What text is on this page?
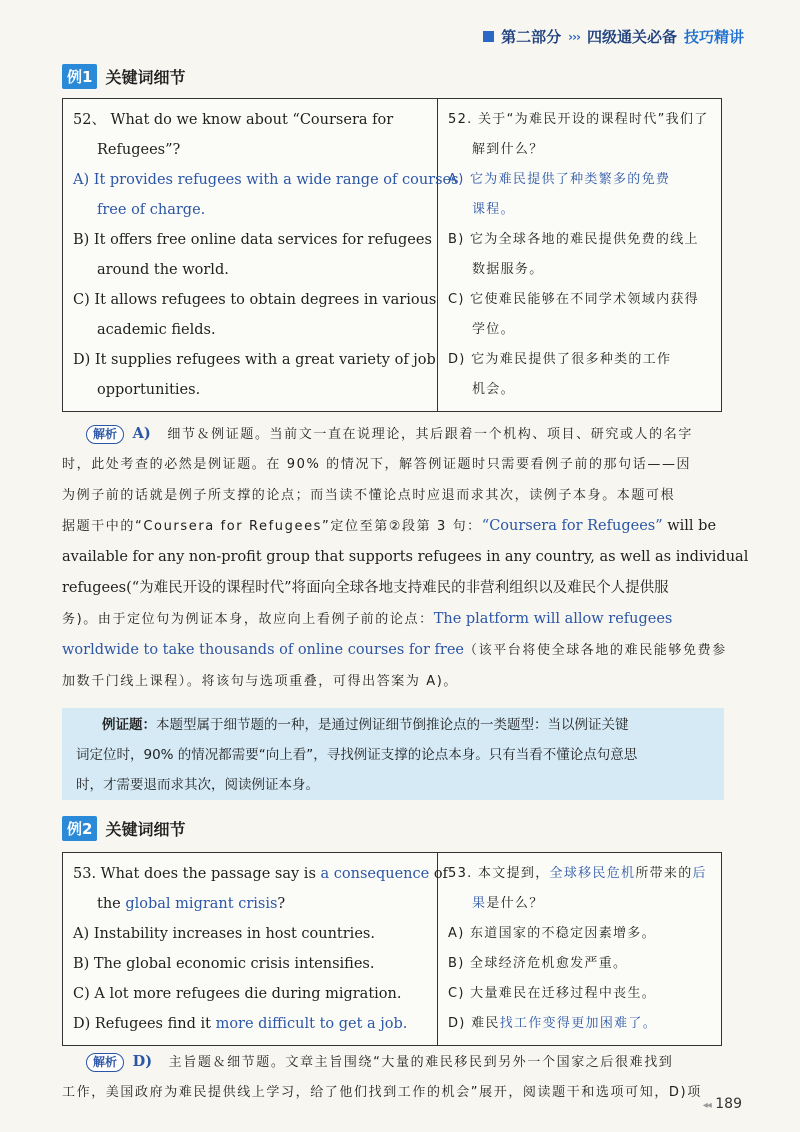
第二部分 ››› 四级通关必备 技巧精讲
例1 关键词细节
52、 What do we know about “Coursera for
Refugees”?
A) It provides refugees with a wide range of courses
free of charge.
B) It offers free online data services for refugees
around the world.
C) It allows refugees to obtain degrees in various
academic fields.
D) It supplies refugees with a great variety of job
opportunities.
52. 关于“为难民开设的课程时代”我们了
解到什么？
A) 它为难民提供了种类繁多的免费
课程。
B) 它为全球各地的难民提供免费的线上
数据服务。
C) 它使难民能够在不同学术领域内获得
学位。
D) 它为难民提供了很多种类的工作
机会。
解析 A) 细节＆例证题。当前文一直在说理论，其后跟着一个机构、项目、研究或人的名字
时，此处考查的必然是例证题。在 90% 的情况下，解答例证题时只需要看例子前的那句话——因
为例子前的话就是例子所支撑的论点；而当读不懂论点时应退而求其次，读例子本身。本题可根
据题干中的“Coursera for Refugees”定位至第②段第 3 句：“Coursera for Refugees” will be
available for any non-profit group that supports refugees in any country, as well as individual
refugees(“为难民开设的课程时代”将面向全球各地支持难民的非营利组织以及难民个人提供服
务)。由于定位句为例证本身，故应向上看例子前的论点：The platform will allow refugees
worldwide to take thousands of online courses for free（该平台将使全球各地的难民能够免费参
加数千门线上课程）。将该句与选项重叠，可得出答案为 A)。
例证题：本题型属于细节题的一种，是通过例证细节倒推论点的一类题型：当以例证关键
词定位时，90% 的情况都需要“向上看”，寻找例证支撑的论点本身。只有当看不懂论点句意思
时，才需要退而求其次，阅读例证本身。
例2 关键词细节
53. What does the passage say is a consequence of
the global migrant crisis?
A) Instability increases in host countries.
B) The global economic crisis intensifies.
C) A lot more refugees die during migration.
D) Refugees find it more difficult to get a job.
53. 本文提到，全球移民危机所带来的后
果是什么？
A) 东道国家的不稳定因素增多。
B) 全球经济危机愈发严重。
C) 大量难民在迁移过程中丧生。
D) 难民找工作变得更加困难了。
解析 D) 主旨题＆细节题。文章主旨围绕“大量的难民移民到另外一个国家之后很难找到
工作，美国政府为难民提供线上学习，给了他们找到工作的机会”展开，阅读题干和选项可知，D)项
◂◂ 189
